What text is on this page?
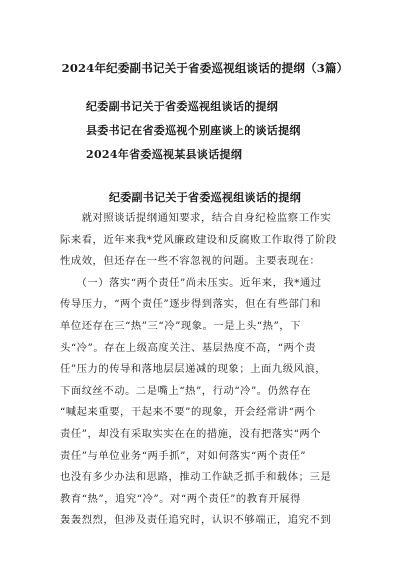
2024年纪委副书记关于省委巡视组谈话的提纲（3篇）
纪委副书记关于省委巡视组谈话的提纲
县委书记在省委巡视个别座谈上的谈话提纲
2024年省委巡视某县谈话提纲
纪委副书记关于省委巡视组谈话的提纲
　　就对照谈话提纲通知要求，结合自身纪检监察工作实
际来看，近年来我*党风廉政建设和反腐败工作取得了阶段
性成效，但还存在一些不容忽视的问题。主要表现在：
　　（一）落实“两个责任”尚未压实。近年来，我*通过
传导压力，“两个责任”逐步得到落实，但在有些部门和
单位还存在三“热”三“冷”现象。一是上头“热”，下
头“冷”。存在上级高度关注、基层热度不高，“两个责
任”压力的传导和落地层层递减的现象；上面九级风浪，
下面纹丝不动。二是嘴上“热”，行动“冷”。仍然存在
“喊起来重要，干起来不要”的现象，开会经常讲“两个
责任”，却没有采取实实在在的措施，没有把落实“两个
责任”与单位业务“两手抓”，对如何落实“两个责任”
也没有多少办法和思路，推动工作缺乏抓手和载体；三是
教育“热”，追究“冷”。对“两个责任”的教育开展得
轰轰烈烈，但涉及责任追究时，认识不够端正，追究不到
